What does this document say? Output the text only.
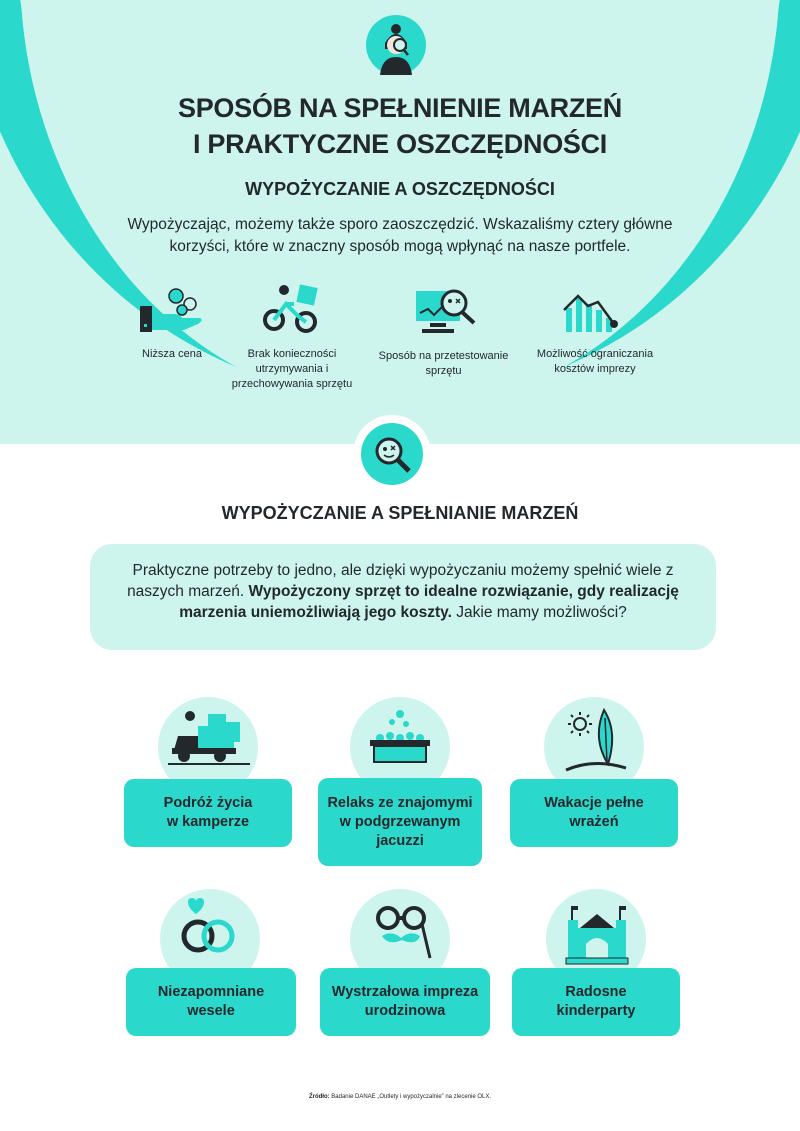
SPOSÓB NA SPEŁNIENIE MARZEŃ
I PRAKTYCZNE OSZCZĘDNOŚCI
WYPOŻYCZANIE A OSZCZĘDNOŚCI
Wypożyczając, możemy także sporo zaoszczędzić. Wskazaliśmy cztery główne korzyści, które w znaczny sposób mogą wpłynąć na nasze portfele.
Niższa cena	Brak konieczności utrzymywania i przechowywania sprzętu
Sposób na przetestowanie sprzętu
Możliwość ograniczania kosztów imprezy
WYPOŻYCZANIE A SPEŁNIANIE MARZEŃ
Praktyczne potrzeby to jedno, ale dzięki wypożyczaniu możemy spełnić wiele z naszych marzeń. Wypożyczony sprzęt to idealne rozwiązanie, gdy realizację marzenia uniemożliwiają jego koszty. Jakie mamy możliwości?
Podróż życia
w kamperze
Relaks ze znajomymi
w podgrzewanym
jacuzzi
Wakacje pełne
wrażeń
Niezapomniane
wesele
Wystrzałowa impreza
urodzinowa
Radosne
kinderparty
Źródło: Badanie DANAE „Outlety i wypożyczalnie” na zlecenie OLX.
